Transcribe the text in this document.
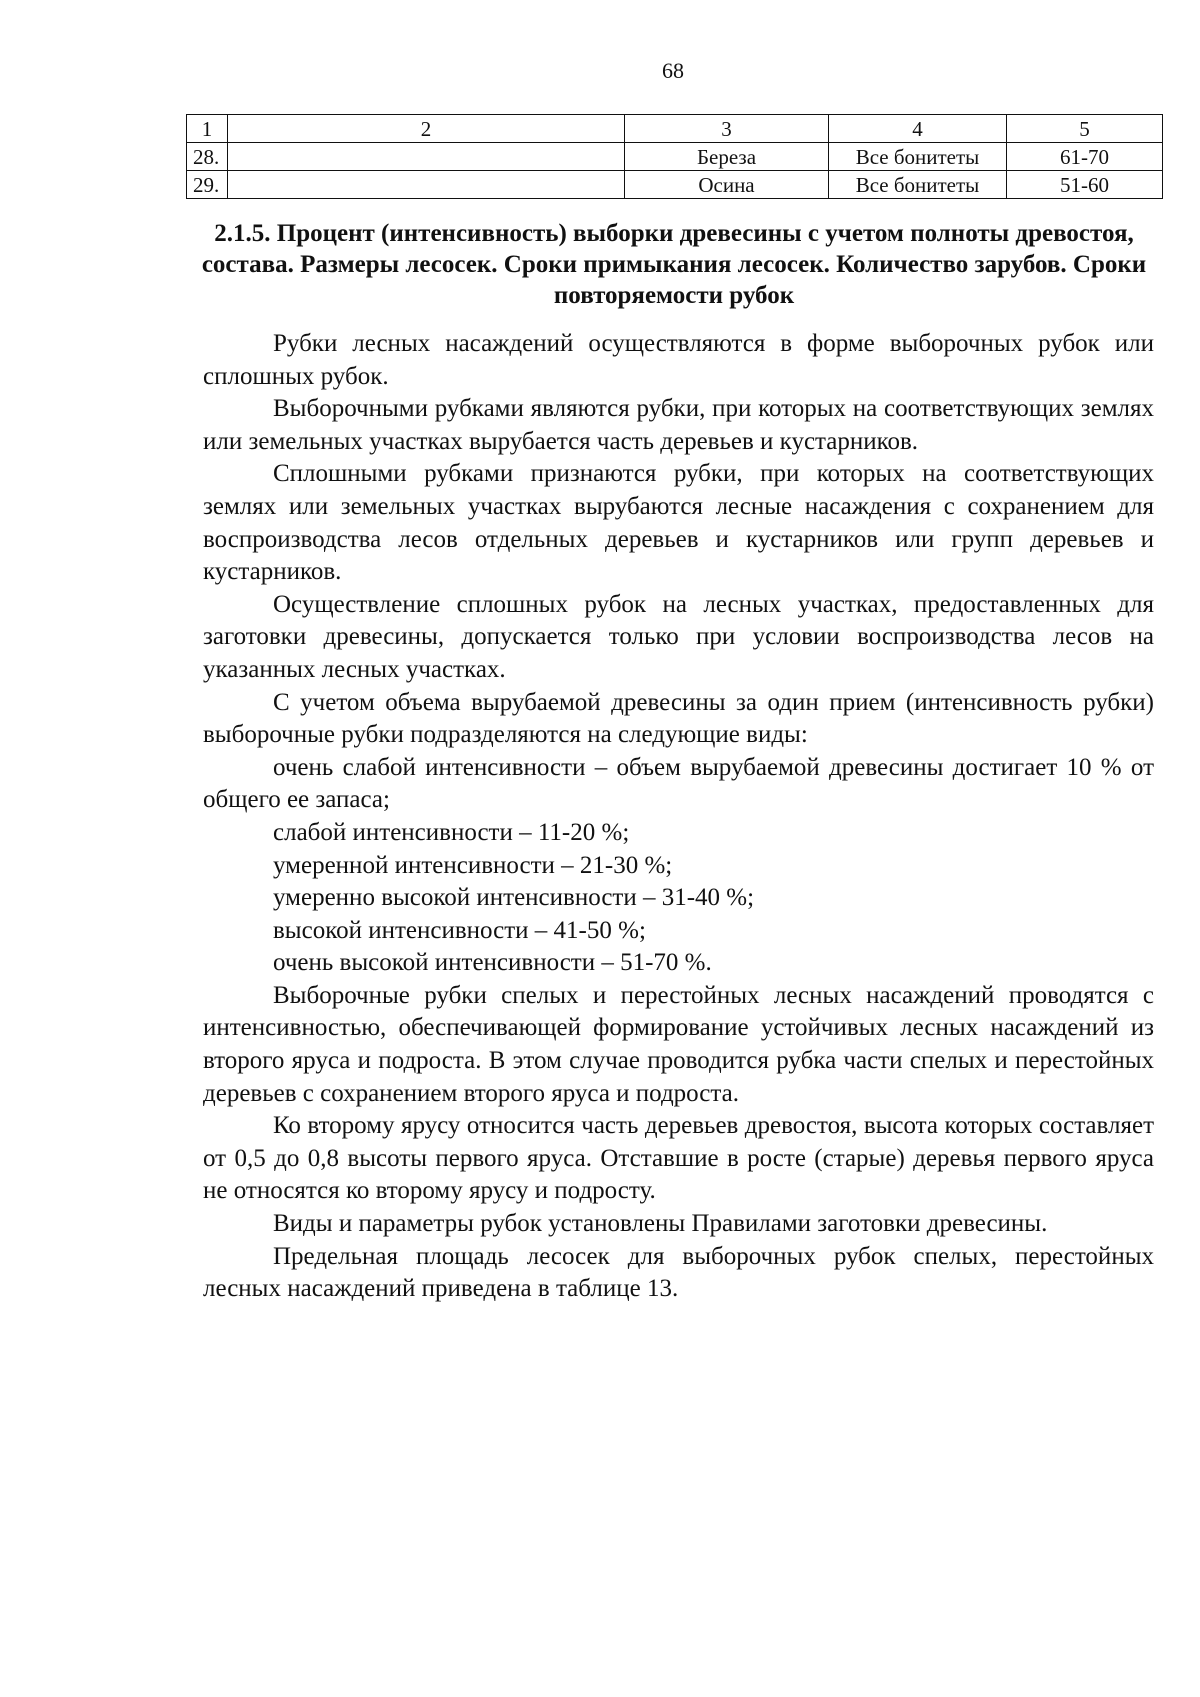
68
1	2	3	4	5
28.		Береза	Все бонитеты	61-70
29.		Осина	Все бонитеты	51-60
2.1.5. Процент (интенсивность) выборки древесины с учетом полноты древостоя, состава. Размеры лесосек. Сроки примыкания лесосек. Количество зарубов. Сроки повторяемости рубок

Рубки лесных насаждений осуществляются в форме выборочных рубок или сплошных рубок.

Выборочными рубками являются рубки, при которых на соответствующих землях или земельных участках вырубается часть деревьев и кустарников.

Сплошными рубками признаются рубки, при которых на соответствующих землях или земельных участках вырубаются лесные насаждения с сохранением для воспроизводства лесов отдельных деревьев и кустарников или групп деревьев и кустарников.

Осуществление сплошных рубок на лесных участках, предоставленных для заготовки древесины, допускается только при условии воспроизводства лесов на указанных лесных участках.

С учетом объема вырубаемой древесины за один прием (интенсивность рубки) выборочные рубки подразделяются на следующие виды:

очень слабой интенсивности – объем вырубаемой древесины достигает 10 % от общего ее запаса;

слабой интенсивности – 11-20 %;

умеренной интенсивности – 21-30 %;

умеренно высокой интенсивности – 31-40 %;

высокой интенсивности – 41-50 %;

очень высокой интенсивности – 51-70 %.

Выборочные рубки спелых и перестойных лесных насаждений проводятся с интенсивностью, обеспечивающей формирование устойчивых лесных насаждений из второго яруса и подроста. В этом случае проводится рубка части спелых и перестойных деревьев с сохранением второго яруса и подроста.

Ко второму ярусу относится часть деревьев древостоя, высота которых составляет от 0,5 до 0,8 высоты первого яруса. Отставшие в росте (старые) деревья первого яруса не относятся ко второму ярусу и подросту.

Виды и параметры рубок установлены Правилами заготовки древесины.

Предельная площадь лесосек для выборочных рубок спелых, перестойных лесных насаждений приведена в таблице 13.
